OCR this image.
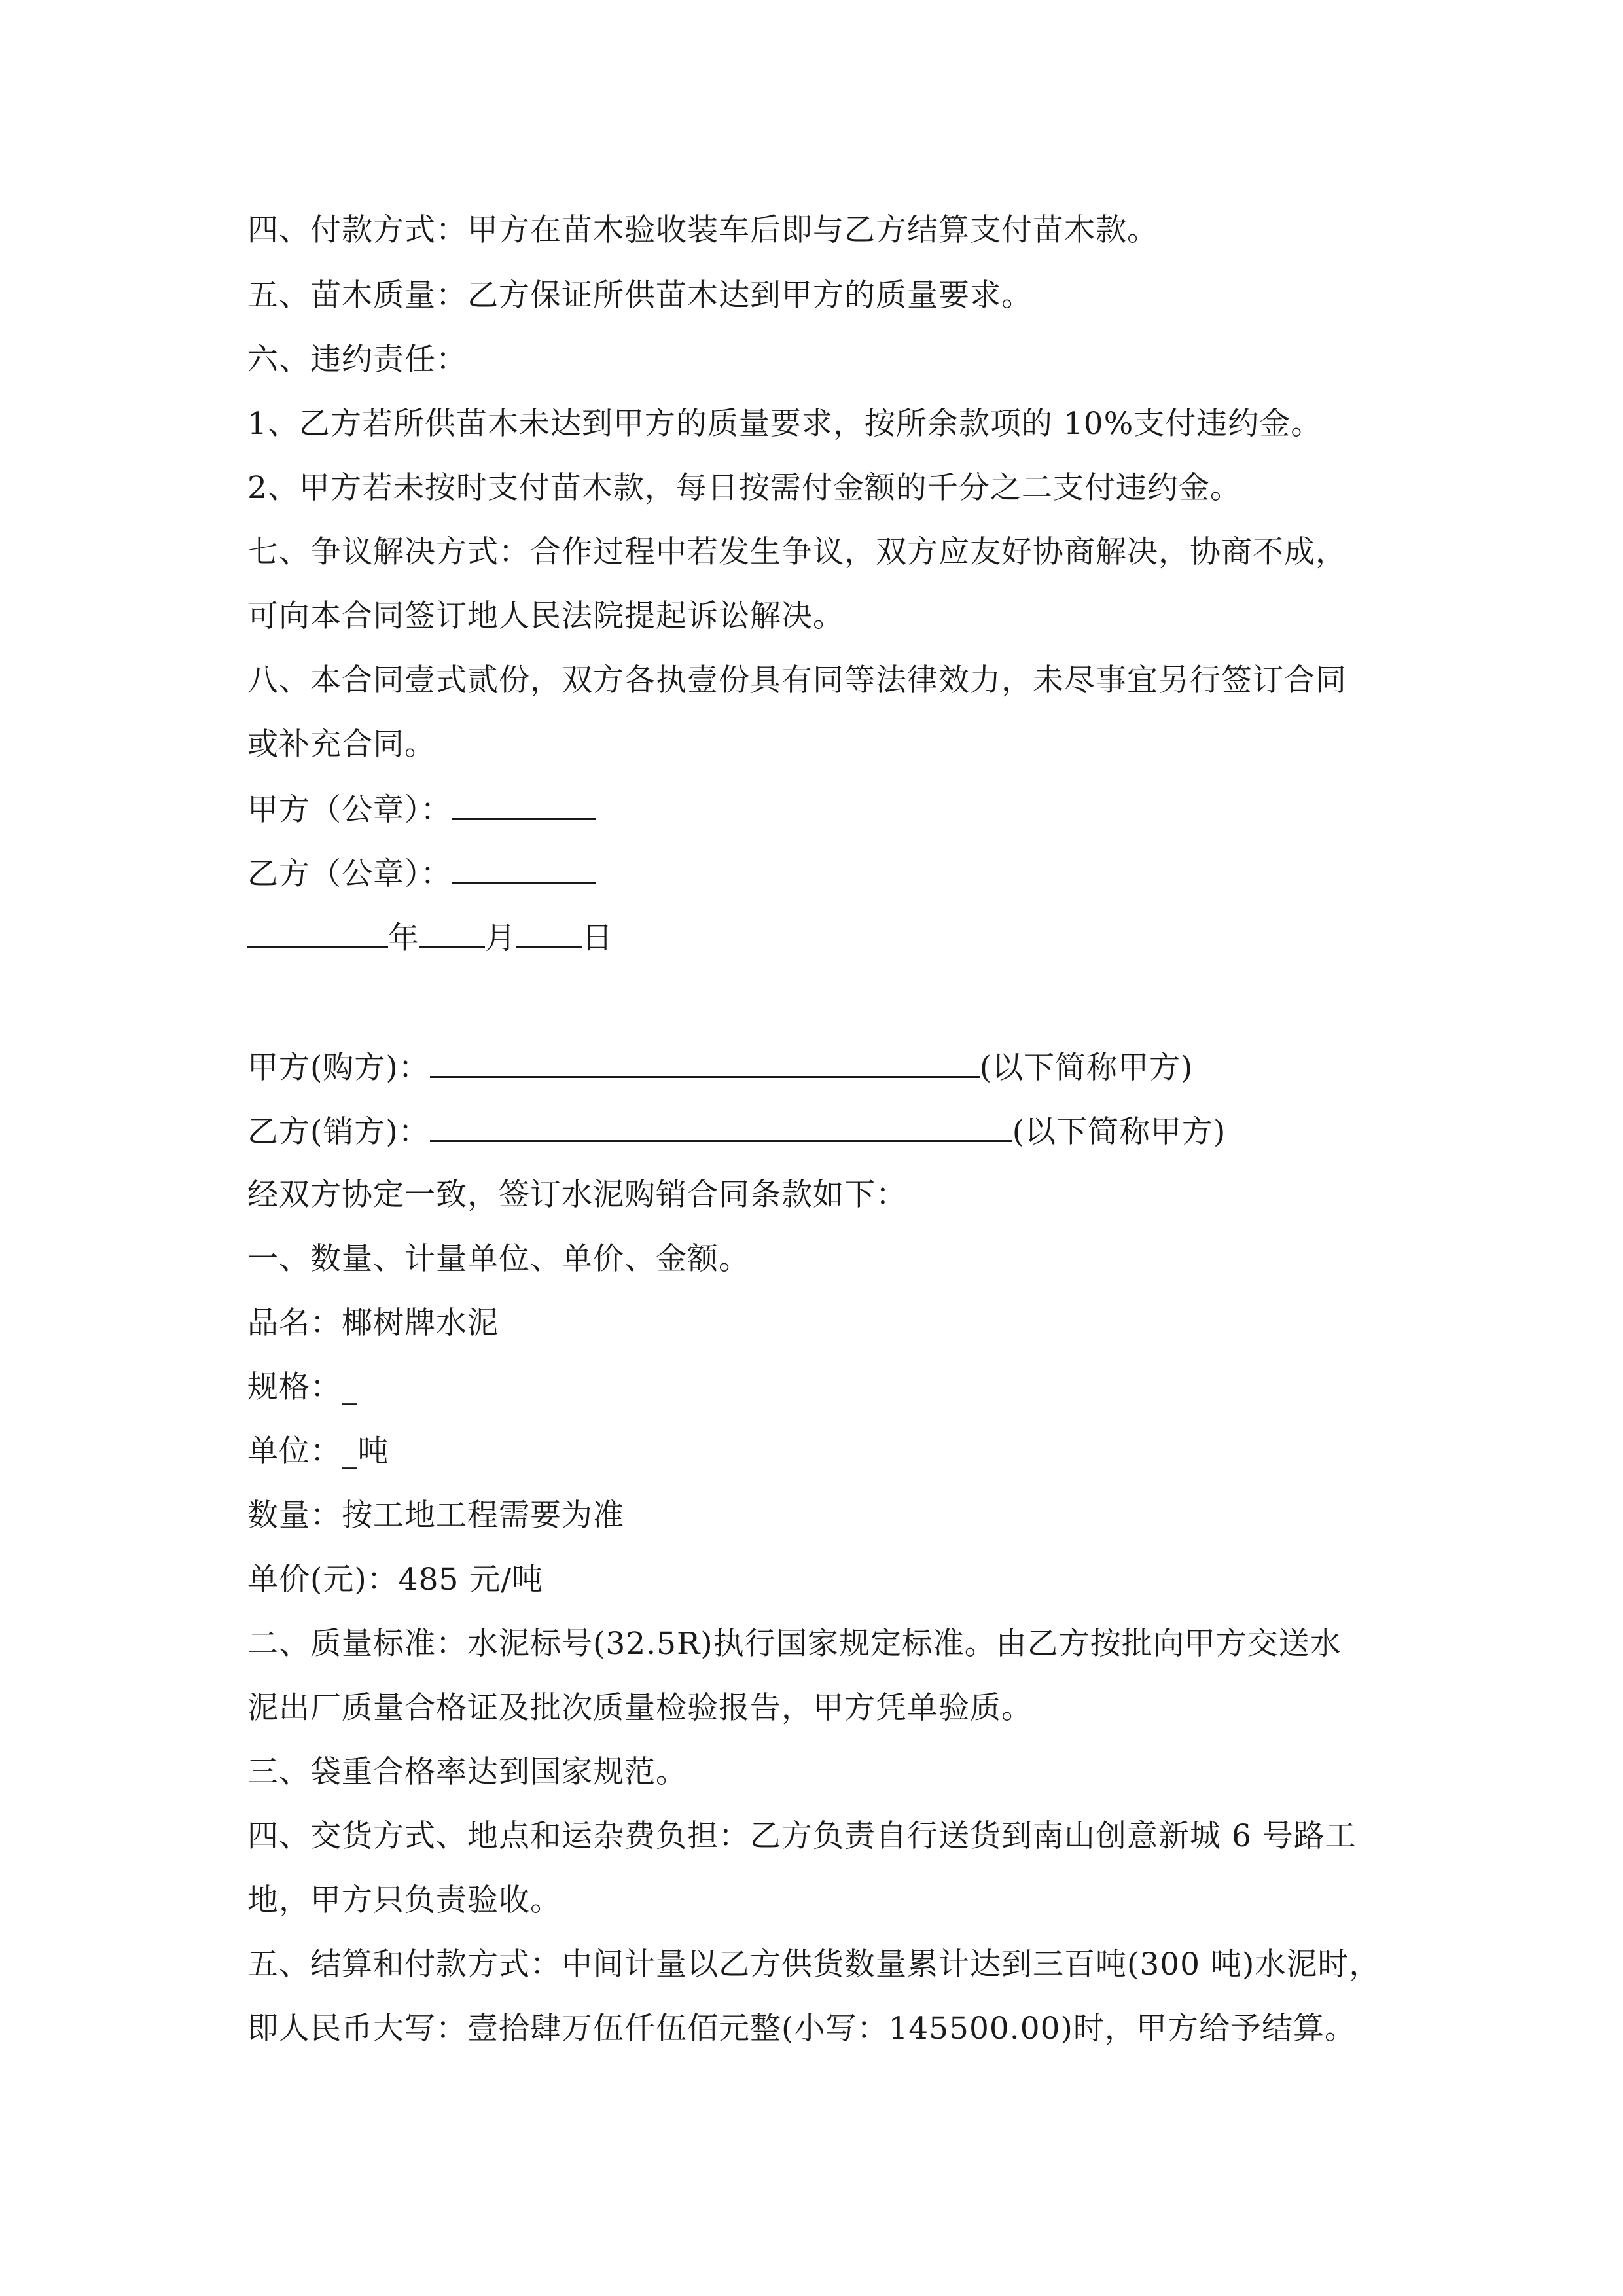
四、付款方式：甲方在苗木验收装车后即与乙方结算支付苗木款。
五、苗木质量：乙方保证所供苗木达到甲方的质量要求。
六、违约责任：
1、乙方若所供苗木未达到甲方的质量要求，按所余款项的 10%支付违约金。
2、甲方若未按时支付苗木款，每日按需付金额的千分之二支付违约金。
七、争议解决方式：合作过程中若发生争议，双方应友好协商解决，协商不成，
可向本合同签订地人民法院提起诉讼解决。
八、本合同壹式贰份，双方各执壹份具有同等法律效力，未尽事宜另行签订合同
或补充合同。
甲方（公章）：
乙方（公章）：
年 月 日
甲方(购方)：	(以下简称甲方)
乙方(销方)：	(以下简称甲方)
经双方协定一致，签订水泥购销合同条款如下：
一、数量、计量单位、单价、金额。
品名：椰树牌水泥
规格：_
单位：_吨
数量：按工地工程需要为准
单价(元)：485 元/吨
二、质量标准：水泥标号(32.5R)执行国家规定标准。由乙方按批向甲方交送水
泥出厂质量合格证及批次质量检验报告，甲方凭单验质。
三、袋重合格率达到国家规范。
四、交货方式、地点和运杂费负担：乙方负责自行送货到南山创意新城 6 号路工
地，甲方只负责验收。
五、结算和付款方式：中间计量以乙方供货数量累计达到三百吨(300 吨)水泥时，
即人民币大写：壹拾肆万伍仟伍佰元整(小写：145500.00)时，甲方给予结算。
